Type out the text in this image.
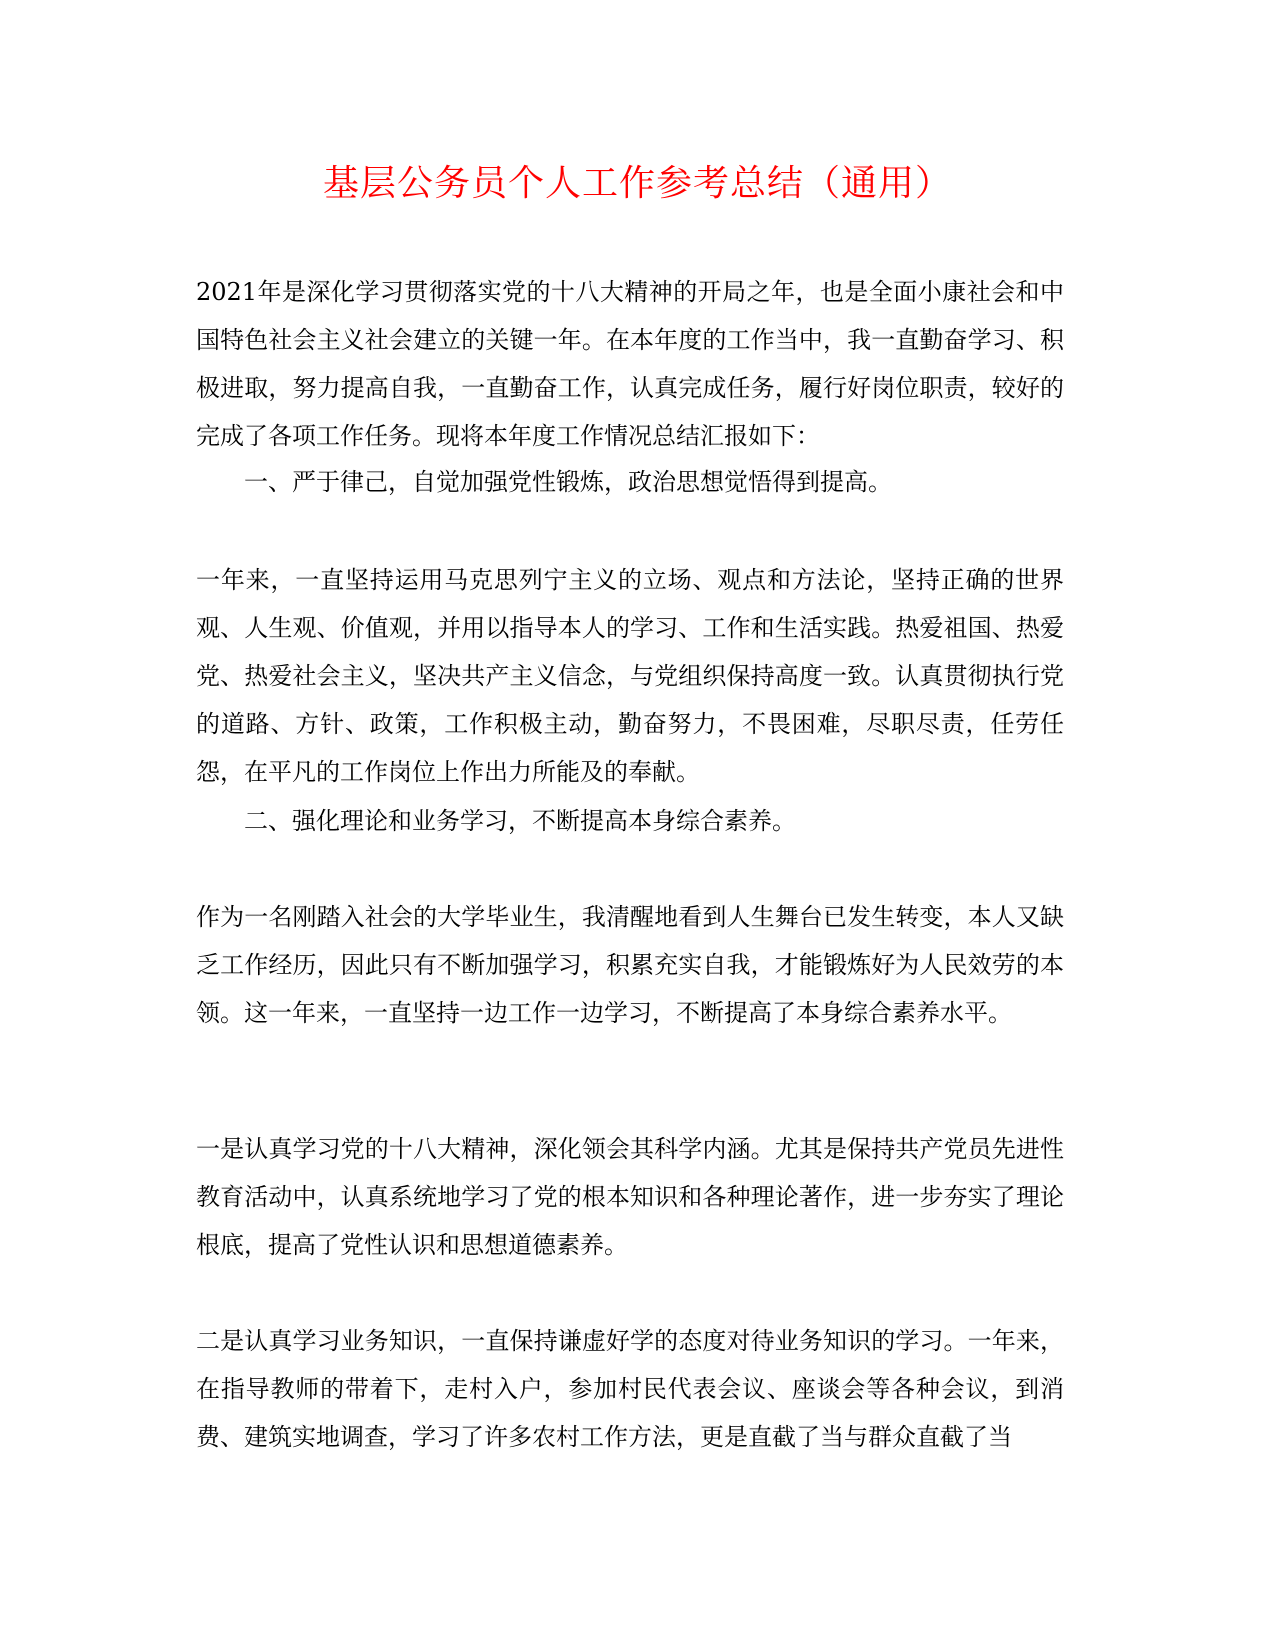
基层公务员个人工作参考总结（通用）

2021年是深化学习贯彻落实党的十八大精神的开局之年，也是全面小康社会和中国特色社会主义社会建立的关键一年。在本年度的工作当中，我一直勤奋学习、积极进取，努力提高自我，一直勤奋工作，认真完成任务，履行好岗位职责，较好的完成了各项工作任务。现将本年度工作情况总结汇报如下：

一、严于律己，自觉加强党性锻炼，政治思想觉悟得到提高。

一年来，一直坚持运用马克思列宁主义的立场、观点和方法论，坚持正确的世界观、人生观、价值观，并用以指导本人的学习、工作和生活实践。热爱祖国、热爱党、热爱社会主义，坚决共产主义信念，与党组织保持高度一致。认真贯彻执行党的道路、方针、政策，工作积极主动，勤奋努力，不畏困难，尽职尽责，任劳任怨，在平凡的工作岗位上作出力所能及的奉献。

二、强化理论和业务学习，不断提高本身综合素养。

作为一名刚踏入社会的大学毕业生，我清醒地看到人生舞台已发生转变，本人又缺乏工作经历，因此只有不断加强学习，积累充实自我，才能锻炼好为人民效劳的本领。这一年来，一直坚持一边工作一边学习，不断提高了本身综合素养水平。

一是认真学习党的十八大精神，深化领会其科学内涵。尤其是保持共产党员先进性教育活动中，认真系统地学习了党的根本知识和各种理论著作，进一步夯实了理论根底，提高了党性认识和思想道德素养。

二是认真学习业务知识，一直保持谦虚好学的态度对待业务知识的学习。一年来，在指导教师的带着下，走村入户，参加村民代表会议、座谈会等各种会议，到消费、建筑实地调查，学习了许多农村工作方法，更是直截了当与群众直截了当
